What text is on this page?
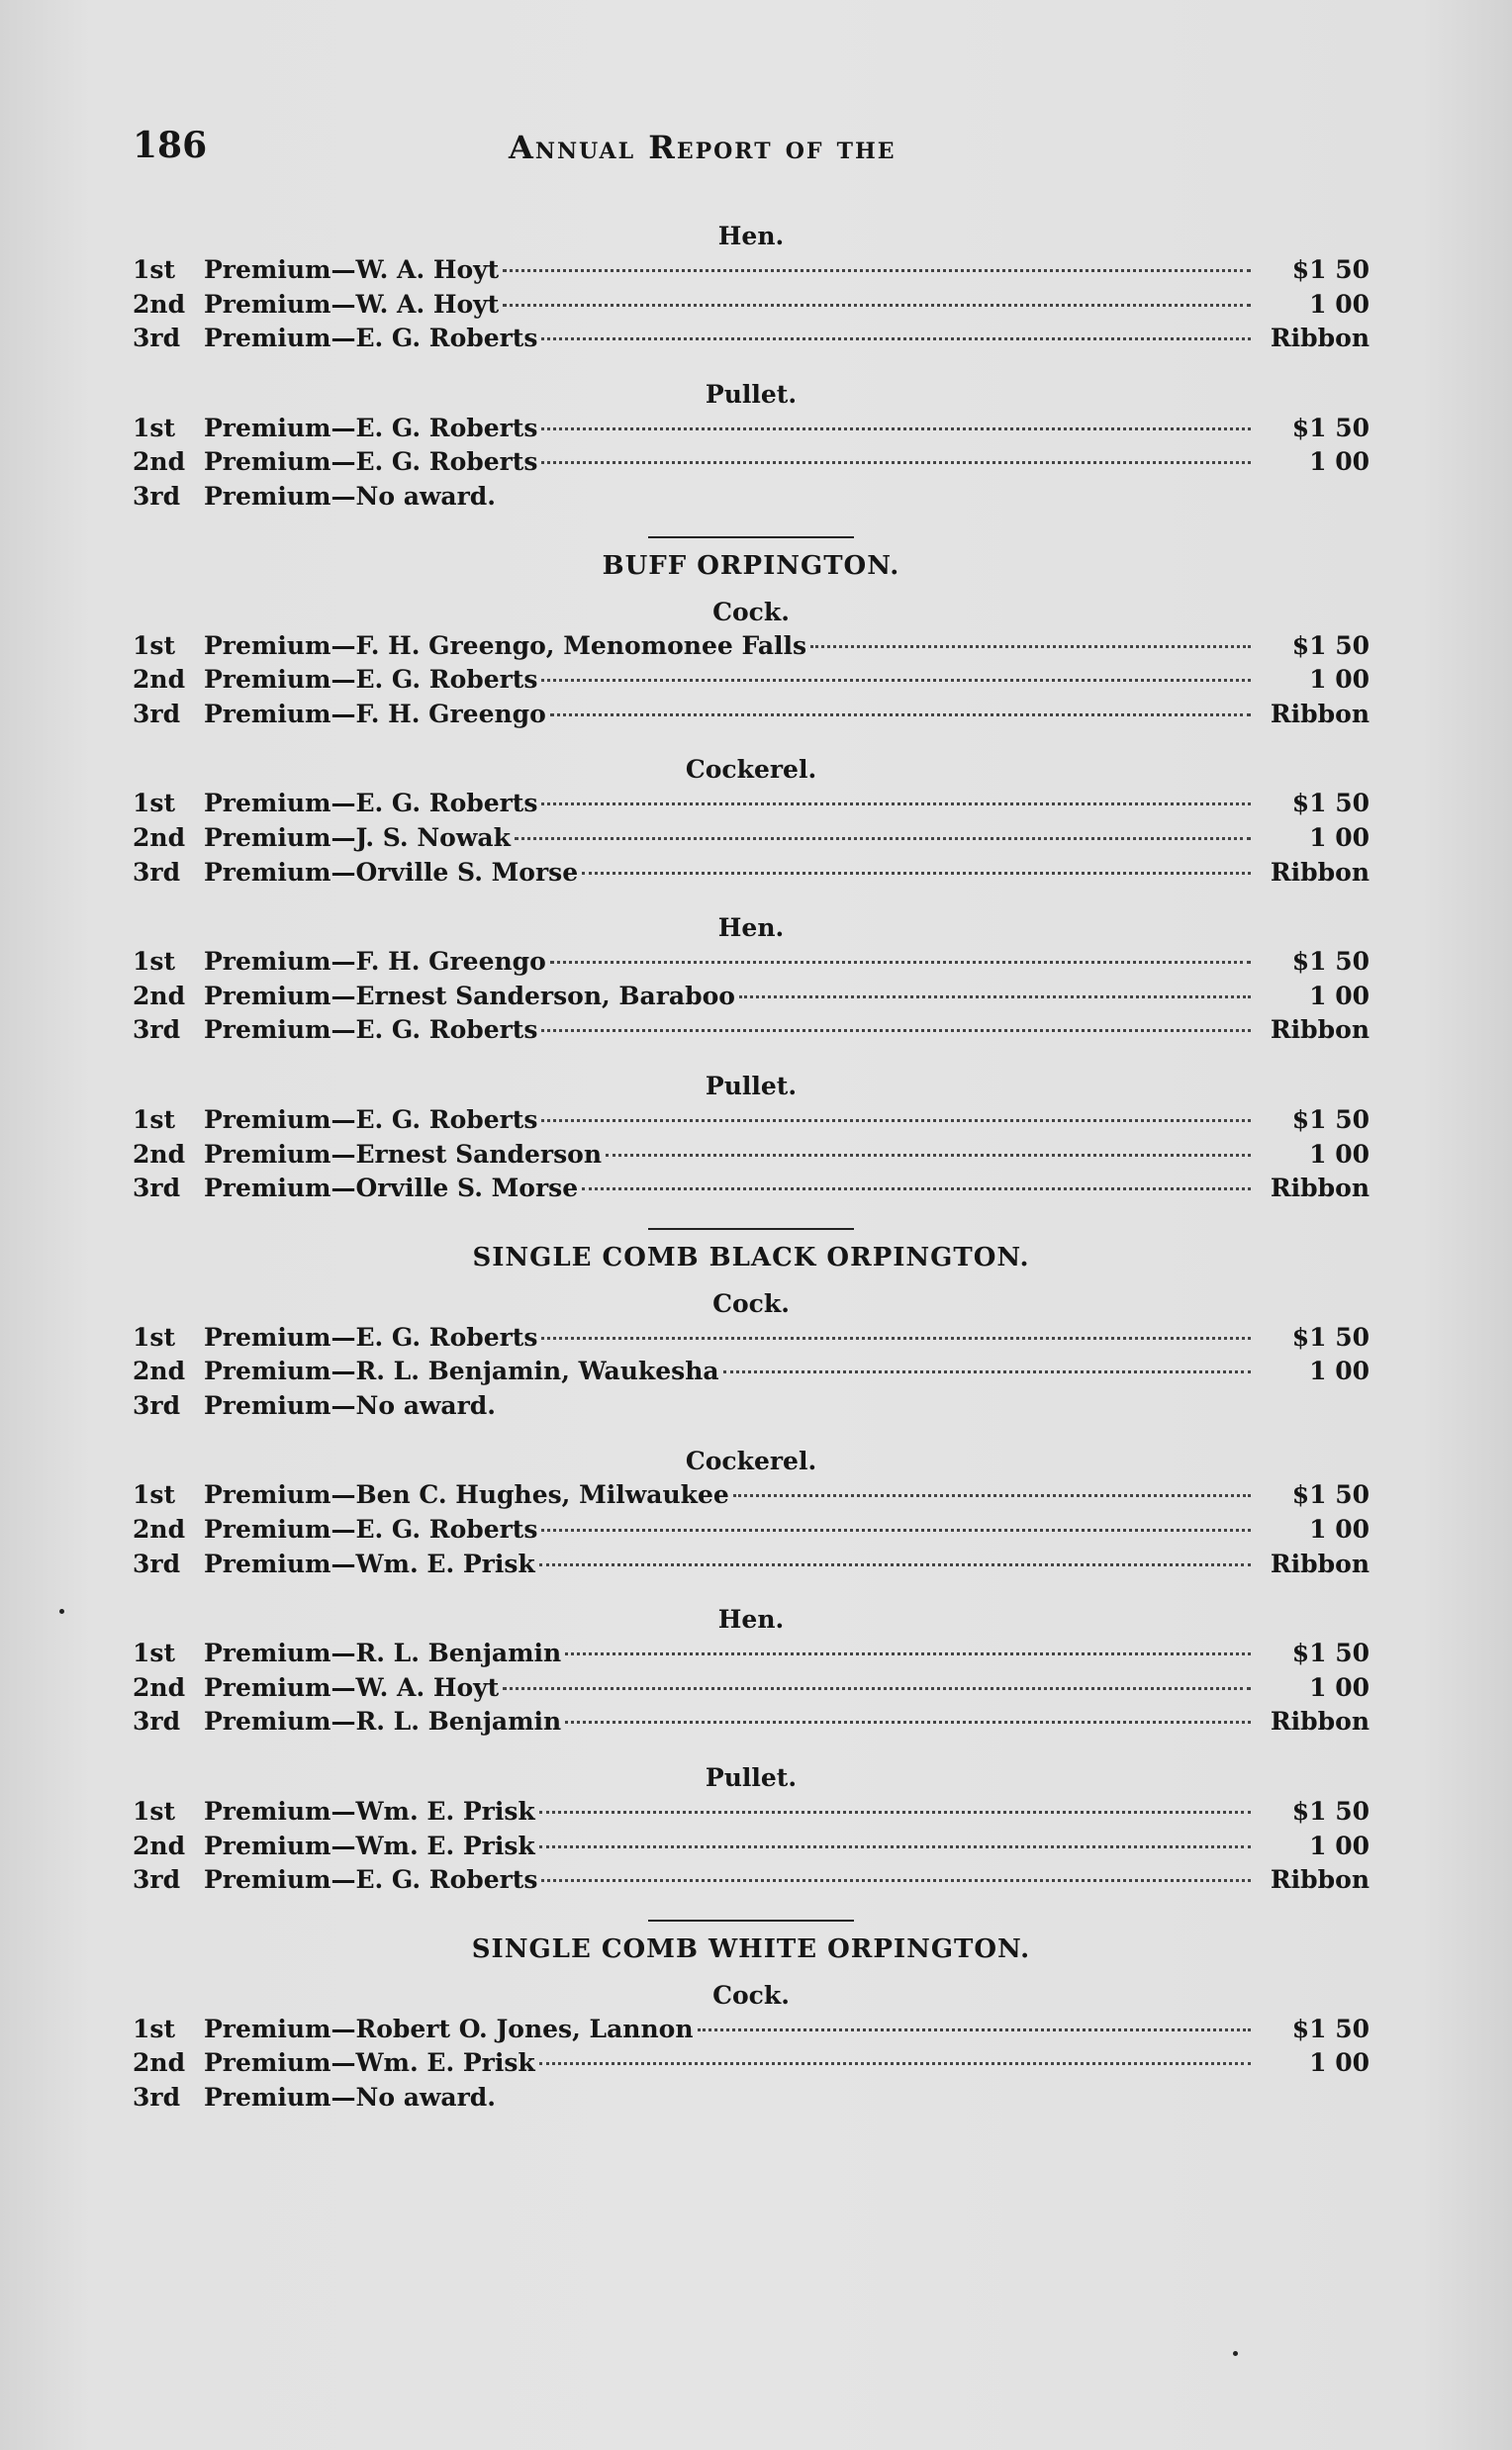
186	Annual Report of the
Hen.
1st	Premium — W. A. Hoyt	$1 50
2nd Premium — W. A. Hoyt	1 00
3rd Premium — E. G. Roberts	Ribbon
Pullet.
1st	Premium — E. G. Roberts	$1 50
2nd Premium — E. G. Roberts	1 00
3rd Premium — No award.
BUFF ORPINGTON.
Cock.
1st	Premium — F. H. Greengo, Menomonee Falls	$1 50
2nd Premium — E. G. Roberts	1 00
3rd Premium — F. H. Greengo	Ribbon
Cockerel.
1st	Premium — E. G. Roberts	$1 50
2nd Premium — J. S. Nowak	1 00
3rd Premium — Orville S. Morse	Ribbon
Hen.
1st	Premium — F. H. Greengo	$1 50
2nd Premium — Ernest Sanderson, Baraboo	1 00
3rd Premium — E. G. Roberts	Ribbon
Pullet.
1st	Premium — E. G. Roberts	$1 50
2nd Premium — Ernest Sanderson	1 00
3rd Premium — Orville S. Morse	Ribbon
SINGLE COMB BLACK ORPINGTON.
Cock.
1st	Premium — E. G. Roberts	$1 50
2nd Premium — R. L. Benjamin, Waukesha	1 00
3rd Premium — No award.
Cockerel.
1st	Premium — Ben C. Hughes, Milwaukee	$1 50
2nd Premium — E. G. Roberts	1 00
3rd Premium — Wm. E. Prisk	Ribbon
Hen.
1st	Premium — R. L. Benjamin	$1 50
2nd Premium — W. A. Hoyt	1 00
3rd Premium — R. L. Benjamin	Ribbon
Pullet.
1st	Premium — Wm. E. Prisk	$1 50
2nd Premium — Wm. E. Prisk	1 00
3rd Premium — E. G. Roberts	Ribbon
SINGLE COMB WHITE ORPINGTON.
Cock.
1st	Premium — Robert O. Jones, Lannon	$1 50
2nd Premium — Wm. E. Prisk	1 00
3rd Premium — No award.
